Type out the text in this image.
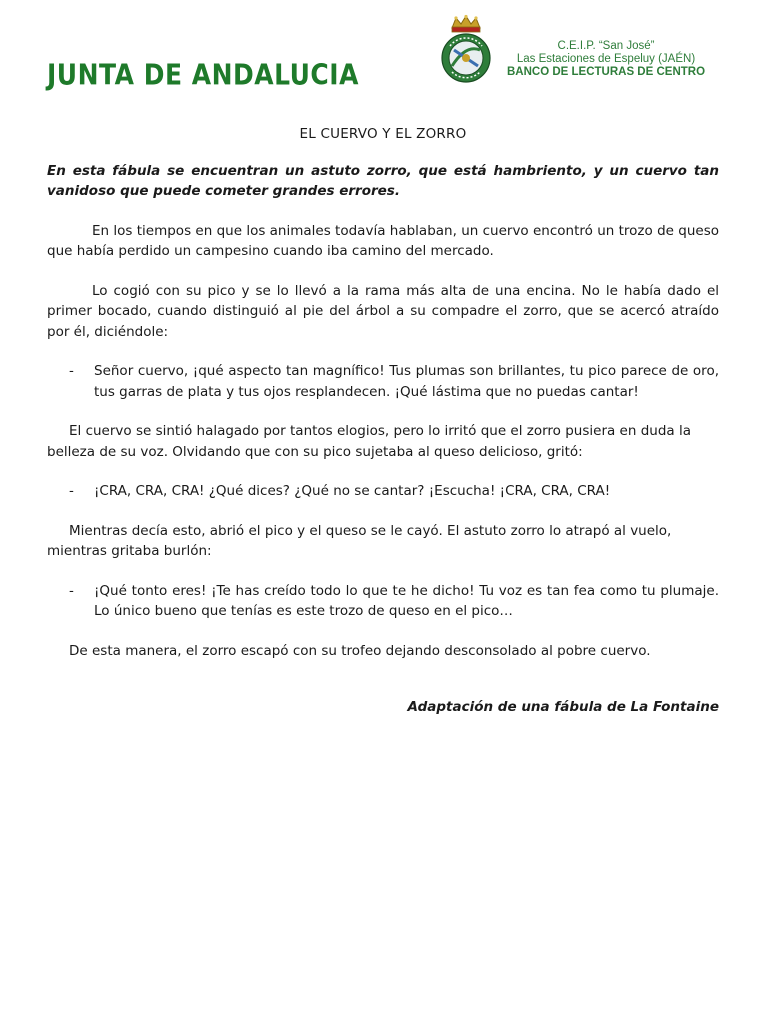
JUNTA DE ANDALUCIA
C.E.I.P. “San José”
Las Estaciones de Espeluy (JAÉN)
BANCO DE LECTURAS DE CENTRO
EL CUERVO Y EL ZORRO

En esta fábula se encuentran un astuto zorro, que está hambriento, y un cuervo tan vanidoso que puede cometer grandes errores.

En los tiempos en que los animales todavía hablaban, un cuervo encontró un trozo de queso que había perdido un campesino cuando iba camino del mercado.

Lo cogió con su pico y se lo llevó a la rama más alta de una encina. No le había dado el primer bocado, cuando distinguió al pie del árbol a su compadre el zorro, que se acercó atraído por él, diciéndole:

- Señor cuervo, ¡qué aspecto tan magnífico! Tus plumas son brillantes, tu pico parece de oro, tus garras de plata y tus ojos resplandecen. ¡Qué lástima que no puedas cantar!

El cuervo se sintió halagado por tantos elogios, pero lo irritó que el zorro pusiera en duda la belleza de su voz. Olvidando que con su pico sujetaba al queso delicioso, gritó:

- ¡CRA, CRA, CRA! ¿Qué dices? ¿Qué no se cantar? ¡Escucha! ¡CRA, CRA, CRA!

Mientras decía esto, abrió el pico y el queso se le cayó. El astuto zorro lo atrapó al vuelo, mientras gritaba burlón:

- ¡Qué tonto eres! ¡Te has creído todo lo que te he dicho! Tu voz es tan fea como tu plumaje. Lo único bueno que tenías es este trozo de queso en el pico…

De esta manera, el zorro escapó con su trofeo dejando desconsolado al pobre cuervo.

Adaptación de una fábula de La Fontaine
